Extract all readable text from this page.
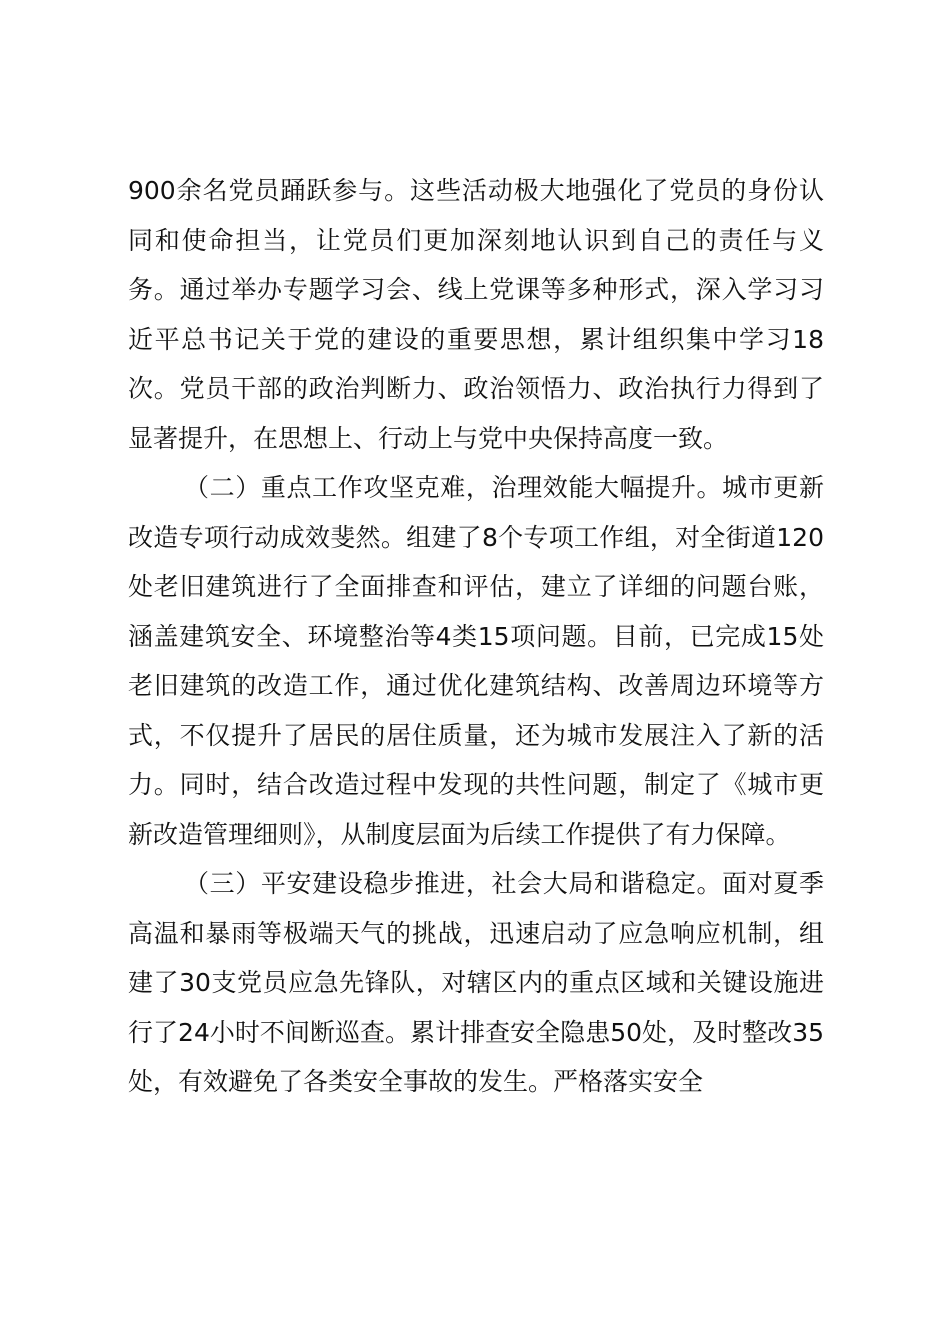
900余名党员踊跃参与。这些活动极大地强化了党员的身份认同和使命担当，让党员们更加深刻地认识到自己的责任与义务。通过举办专题学习会、线上党课等多种形式，深入学习习近平总书记关于党的建设的重要思想，累计组织集中学习18次。党员干部的政治判断力、政治领悟力、政治执行力得到了显著提升，在思想上、行动上与党中央保持高度一致。

（二）重点工作攻坚克难，治理效能大幅提升。城市更新改造专项行动成效斐然。组建了8个专项工作组，对全街道120处老旧建筑进行了全面排查和评估，建立了详细的问题台账，涵盖建筑安全、环境整治等4类15项问题。目前，已完成15处老旧建筑的改造工作，通过优化建筑结构、改善周边环境等方式，不仅提升了居民的居住质量，还为城市发展注入了新的活力。同时，结合改造过程中发现的共性问题，制定了《城市更新改造管理细则》，从制度层面为后续工作提供了有力保障。

（三）平安建设稳步推进，社会大局和谐稳定。面对夏季高温和暴雨等极端天气的挑战，迅速启动了应急响应机制，组建了30支党员应急先锋队，对辖区内的重点区域和关键设施进行了24小时不间断巡查。累计排查安全隐患50处，及时整改35处，有效避免了各类安全事故的发生。严格落实安全
